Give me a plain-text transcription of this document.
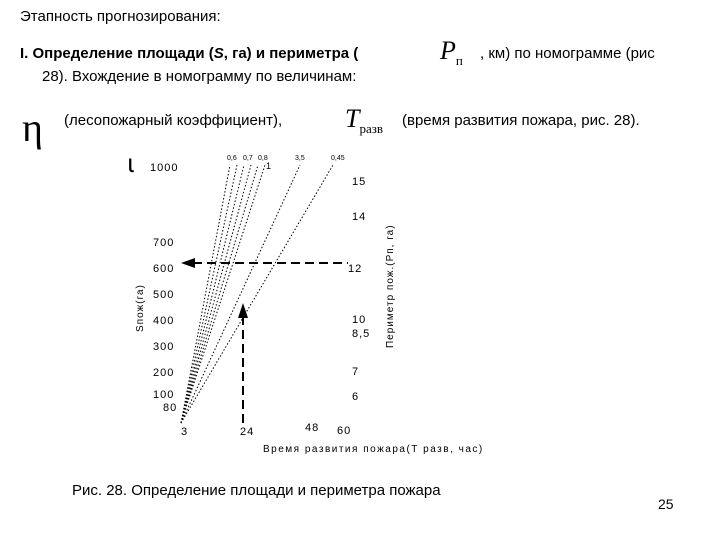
Этапность прогнозирования:
I. Определение площади (S, га) и периметра (	$P_п$ , км) по номограмме (рис
28). Вхождение в номограмму по величинам:
η (лесопожарный коэффициент), $T_{разв}$ (время развития пожара, рис. 28).
ɩ 1000
0,6 0,7 0,8
1
3,5	0,45
700
600
500
400
300
200
100
80
Sпож(га)
15
14
12
10
8,5
7
6
Периметр пож.(Pп, га)
3	24	48 60
Время развития пожара(Т разв, час)
Рис. 28. Определение площади и периметра пожара
25
